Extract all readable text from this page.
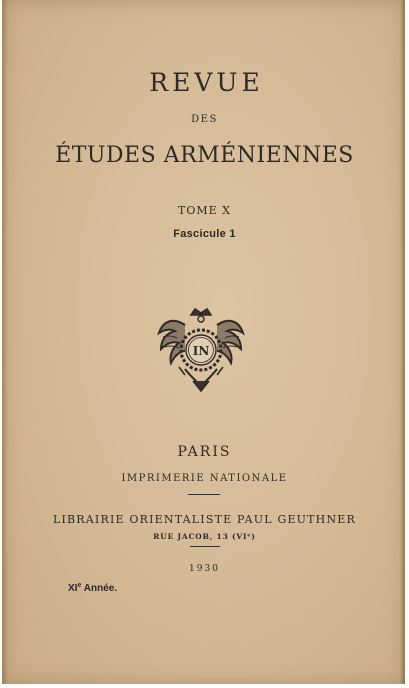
REVUE
DES
ÉTUDES ARMÉNIENNES
TOME X
Fascicule 1
IN
PARIS
IMPRIMERIE NATIONALE
LIBRAIRIE ORIENTALISTE PAUL GEUTHNER
RUE JACOB, 13 (VIᵉ)
1930
XIe Année.
